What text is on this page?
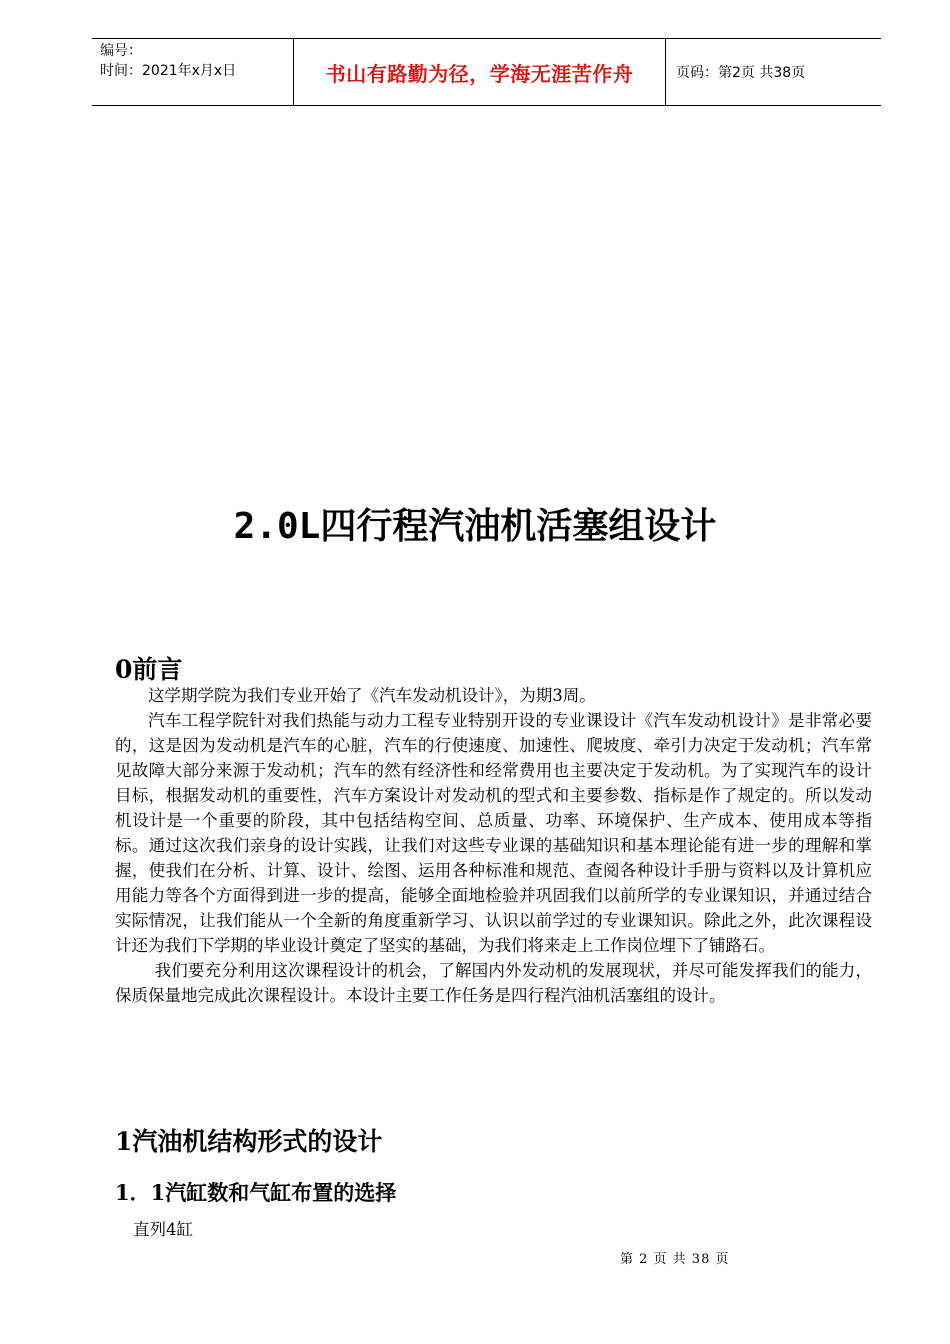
编号：
时间：2021年x月x日	书山有路勤为径，学海无涯苦作舟	页码：第2页 共38页
2.0L四行程汽油机活塞组设计
0前言

这学期学院为我们专业开始了《汽车发动机设计》，为期3周。

汽车工程学院针对我们热能与动力工程专业特别开设的专业课设计《汽车发动机设计》是非常必要的，这是因为发动机是汽车的心脏，汽车的行使速度、加速性、爬坡度、牵引力决定于发动机；汽车常见故障大部分来源于发动机；汽车的然有经济性和经常费用也主要决定于发动机。为了实现汽车的设计目标，根据发动机的重要性，汽车方案设计对发动机的型式和主要参数、指标是作了规定的。所以发动机设计是一个重要的阶段，其中包括结构空间、总质量、功率、环境保护、生产成本、使用成本等指标。通过这次我们亲身的设计实践，让我们对这些专业课的基础知识和基本理论能有进一步的理解和掌握，使我们在分析、计算、设计、绘图、运用各种标准和规范、查阅各种设计手册与资料以及计算机应用能力等各个方面得到进一步的提高，能够全面地检验并巩固我们以前所学的专业课知识，并通过结合实际情况，让我们能从一个全新的角度重新学习、认识以前学过的专业课知识。除此之外，此次课程设计还为我们下学期的毕业设计奠定了坚实的基础，为我们将来走上工作岗位埋下了铺路石。

我们要充分利用这次课程设计的机会，了解国内外发动机的发展现状，并尽可能发挥我们的能力，保质保量地完成此次课程设计。本设计主要工作任务是四行程汽油机活塞组的设计。

1汽油机结构形式的设计
1．1汽缸数和气缸布置的选择
直列4缸
第 2 页 共 38 页
